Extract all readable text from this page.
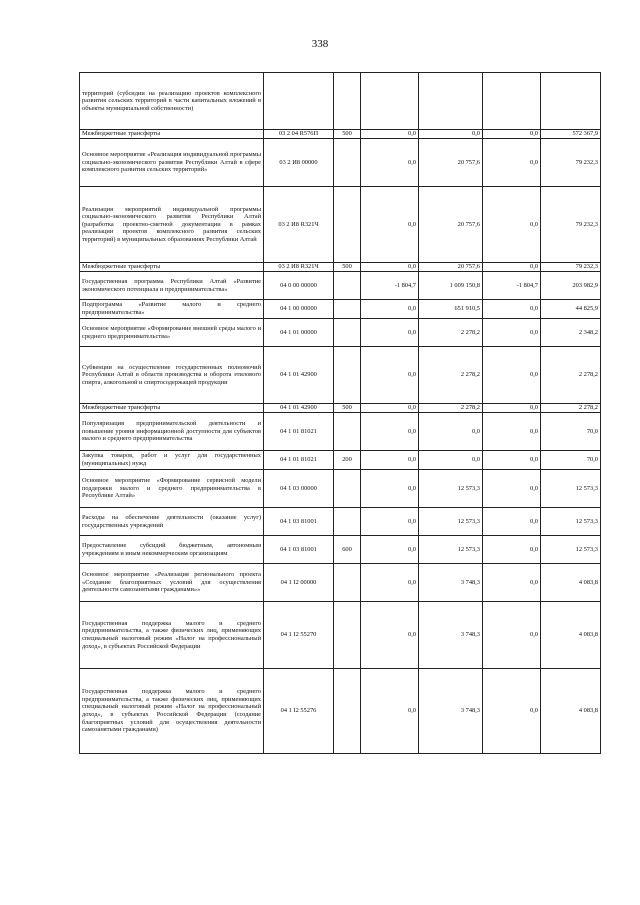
338
территорий (субсидии на реализацию проектов комплексного развития сельских территорий в части капитальных вложений в объекты муниципальной собственности)						
Межбюджетные трансферты	03 2 04 R576П	500	0,0	0,0	0,0	572 367,9
Основное мероприятие «Реализация индивидуальной программы социально-экономического развития Республики Алтай в сфере комплексного развития сельских территорий»	03 2 И8 00000		0,0	20 757,6	0,0	79 232,3
Реализация мероприятий индивидуальной программы социально-экономического развития Республики Алтай (разработка проектно-сметной документации в рамках реализации проектов комплексного развития сельских территорий) в муниципальных образованиях Республики Алтай	03 2 И8 R321Ч		0,0	20 757,6	0,0	79 232,3
Межбюджетные трансферты	03 2 И8 R321Ч	500	0,0	20 757,6	0,0	79 232,3
Государственная программа Республики Алтай «Развитие экономического потенциала и предпринимательства»	04 0 00 00000		-1 804,7	1 009 150,8	-1 804,7	203 982,9
Подпрограмма «Развитие малого и среднего предпринимательства»	04 1 00 00000		0,0	651 910,5	0,0	44 825,9
Основное мероприятие «Формирование внешней среды малого и среднего предпринимательства»	04 1 01 00000		0,0	2 278,2	0,0	2 348,2
Субвенции на осуществление государственных полномочий Республики Алтай в области производства и оборота этилового спирта, алкогольной и спиртосодержащей продукции	04 1 01 42900		0,0	2 278,2	0,0	2 278,2
Межбюджетные трансферты	04 1 01 42900	500	0,0	2 278,2	0,0	2 278,2
Популяризация предпринимательской деятельности и повышение уровня информационной доступности для субъектов малого и среднего предпринимательства	04 1 01 81021		0,0	0,0	0,0	70,0
Закупка товаров, работ и услуг для государственных (муниципальных) нужд	04 1 01 81021	200	0,0	0,0	0,0	70,0
Основное мероприятие «Формирование сервисной модели поддержки малого и среднего предпринимательства в Республике Алтай»	04 1 03 00000		0,0	12 573,3	0,0	12 573,3
Расходы на обеспечение деятельности (оказание услуг) государственных учреждений	04 1 03 81001		0,0	12 573,3	0,0	12 573,3
Предоставление субсидий бюджетным, автономным учреждениям и иным некоммерческим организациям	04 1 03 81001	600	0,0	12 573,3	0,0	12 573,3
Основное мероприятие «Реализация регионального проекта «Создание благоприятных условий для осуществления деятельности самозанятыми гражданами»»	04 1 I2 00000		0,0	3 748,3	0,0	4 083,8
Государственная поддержка малого и среднего предпринимательства, а также физических лиц, применяющих специальный налоговый режим «Налог на профессиональный доход», в субъектах Российской Федерации	04 1 I2 55270		0,0	3 748,3	0,0	4 083,8
Государственная поддержка малого и среднего предпринимательства, а также физических лиц, применяющих специальный налоговый режим «Налог на профессиональный доход», в субъектах Российской Федерации (создание благоприятных условий для осуществления деятельности самозанятыми гражданами)	04 1 I2 55276		0,0	3 748,3	0,0	4 083,8
